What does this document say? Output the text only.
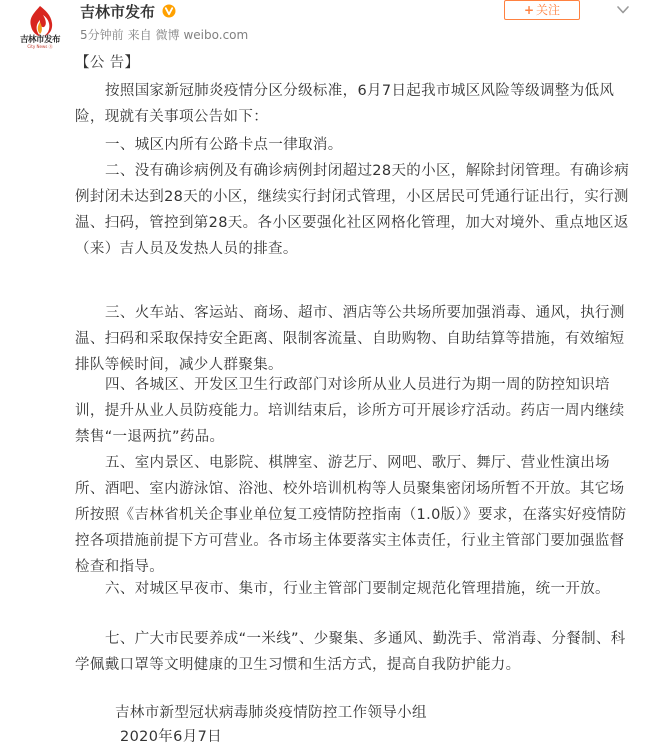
吉林市发布
City News Ⓡ
吉林市发布
5分钟前 来自 微博 weibo.com
+ 关注

【公 告】

按照国家新冠肺炎疫情分区分级标准，6月7日起我市城区风险等级调整为低风险，现就有关事项公告如下：

一、城区内所有公路卡点一律取消。

二、没有确诊病例及有确诊病例封闭超过28天的小区，解除封闭管理。有确诊病例封闭未达到28天的小区，继续实行封闭式管理，小区居民可凭通行证出行，实行测温、扫码，管控到第28天。各小区要强化社区网格化管理，加大对境外、重点地区返（来）吉人员及发热人员的排查。

三、火车站、客运站、商场、超市、酒店等公共场所要加强消毒、通风，执行测温、扫码和采取保持安全距离、限制客流量、自助购物、自助结算等措施，有效缩短排队等候时间，减少人群聚集。

四、各城区、开发区卫生行政部门对诊所从业人员进行为期一周的防控知识培训，提升从业人员防疫能力。培训结束后，诊所方可开展诊疗活动。药店一周内继续禁售“一退两抗”药品。

五、室内景区、电影院、棋牌室、游艺厅、网吧、歌厅、舞厅、营业性演出场所、酒吧、室内游泳馆、浴池、校外培训机构等人员聚集密闭场所暂不开放。其它场所按照《吉林省机关企事业单位复工疫情防控指南（1.0版）》要求，在落实好疫情防控各项措施前提下方可营业。各市场主体要落实主体责任，行业主管部门要加强监督检查和指导。

六、对城区早夜市、集市，行业主管部门要制定规范化管理措施，统一开放。

七、广大市民要养成“一米线”、少聚集、多通风、勤洗手、常消毒、分餐制、科学佩戴口罩等文明健康的卫生习惯和生活方式，提高自我防护能力。

吉林市新型冠状病毒肺炎疫情防控工作领导小组

2020年6月7日
